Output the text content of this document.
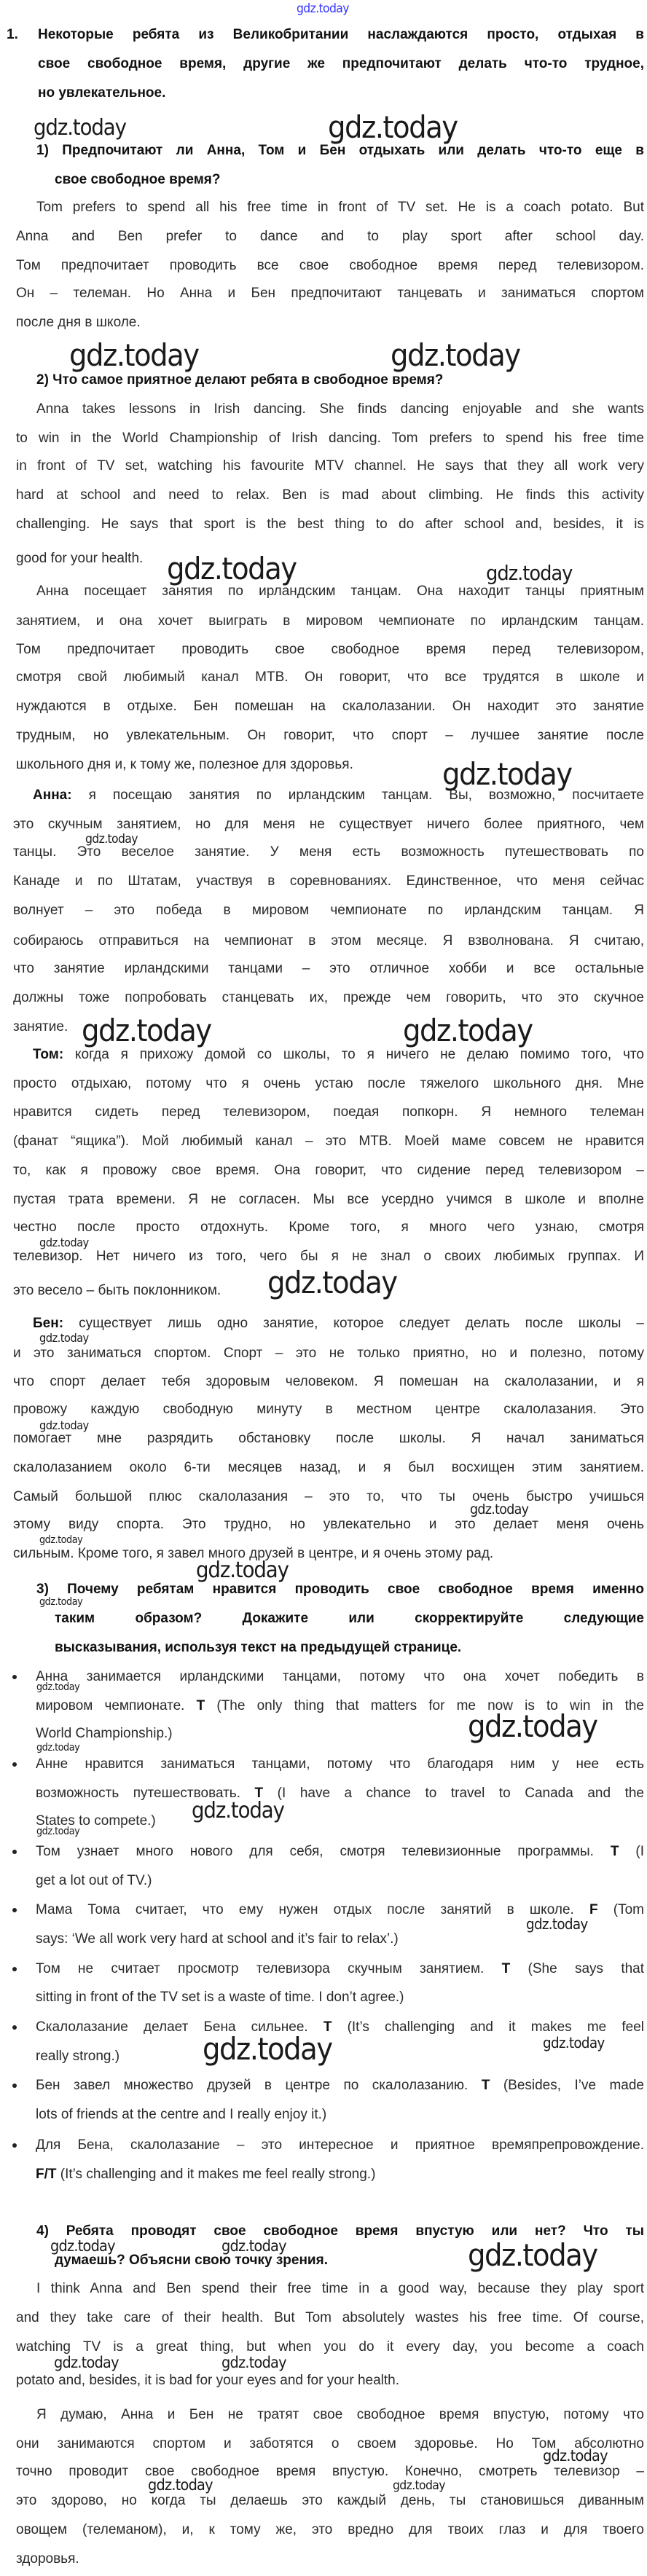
1. Некоторые ребята из Великобритании наслаждаются просто, отдыхая в
свое свободное время, другие же предпочитают делать что-то трудное,
но увлекательное.
1) Предпочитают ли Анна, Том и Бен отдыхать или делать что-то еще в
свое свободное время?
Tom prefers to spend all his free time in front of TV set. He is a coach potato. But
Anna and Ben prefer to dance and to play sport after school day.
Том предпочитает проводить все свое свободное время перед телевизором.
Он – телеман. Но Анна и Бен предпочитают танцевать и заниматься спортом
после дня в школе.
2) Что самое приятное делают ребята в свободное время?
Anna takes lessons in Irish dancing. She finds dancing enjoyable and she wants
to win in the World Championship of Irish dancing. Tom prefers to spend his free time
in front of TV set, watching his favourite MTV channel. He says that they all work very
hard at school and need to relax. Ben is mad about climbing. He finds this activity
challenging. He says that sport is the best thing to do after school and, besides, it is
good for your health.
Анна посещает занятия по ирландским танцам. Она находит танцы приятным
занятием, и она хочет выиграть в мировом чемпионате по ирландским танцам.
Том предпочитает проводить свое свободное время перед телевизором,
смотря свой любимый канал МТВ. Он говорит, что все трудятся в школе и
нуждаются в отдыхе. Бен помешан на скалолазании. Он находит это занятие
трудным, но увлекательным. Он говорит, что спорт – лучшее занятие после
школьного дня и, к тому же, полезное для здоровья.
Анна: я посещаю занятия по ирландским танцам. Вы, возможно, посчитаете
это скучным занятием, но для меня не существует ничего более приятного, чем
танцы. Это веселое занятие. У меня есть возможность путешествовать по
Канаде и по Штатам, участвуя в соревнованиях. Единственное, что меня сейчас
волнует – это победа в мировом чемпионате по ирландским танцам. Я
собираюсь отправиться на чемпионат в этом месяце. Я взволнована. Я считаю,
что занятие ирландскими танцами – это отличное хобби и все остальные
должны тоже попробовать станцевать их, прежде чем говорить, что это скучное
занятие.
Том: когда я прихожу домой со школы, то я ничего не делаю помимо того, что
просто отдыхаю, потому что я очень устаю после тяжелого школьного дня. Мне
нравится сидеть перед телевизором, поедая попкорн. Я немного телеман
(фанат “ящика”). Мой любимый канал – это МТВ. Моей маме совсем не нравится
то, как я провожу свое время. Она говорит, что сидение перед телевизором –
пустая трата времени. Я не согласен. Мы все усердно учимся в школе и вполне
честно после просто отдохнуть. Кроме того, я много чего узнаю, смотря
телевизор. Нет ничего из того, чего бы я не знал о своих любимых группах. И
это весело – быть поклонником.
Бен: существует лишь одно занятие, которое следует делать после школы –
и это заниматься спортом. Спорт – это не только приятно, но и полезно, потому
что спорт делает тебя здоровым человеком. Я помешан на скалолазании, и я
провожу каждую свободную минуту в местном центре скалолазания. Это
помогает мне разрядить обстановку после школы. Я начал заниматься
скалолазанием около 6-ти месяцев назад, и я был восхищен этим занятием.
Самый большой плюс скалолазания – это то, что ты очень быстро учишься
этому виду спорта. Это трудно, но увлекательно и это делает меня очень
сильным. Кроме того, я завел много друзей в центре, и я очень этому рад.
3) Почему ребятам нравится проводить свое свободное время именно
таким образом? Докажите или скорректируйте следующие
высказывания, используя текст на предыдущей странице.
Анна занимается ирландскими танцами, потому что она хочет победить в
мировом чемпионате. T (The only thing that matters for me now is to win in the
World Championship.)
Анне нравится заниматься танцами, потому что благодаря ним у нее есть
возможность путешествовать. T (I have a chance to travel to Canada and the
States to compete.)
Том узнает много нового для себя, смотря телевизионные программы. T (I
get a lot out of TV.)
Мама Тома считает, что ему нужен отдых после занятий в школе. F (Tom
says: ‘We all work very hard at school and it’s fair to relax’.)
Том не считает просмотр телевизора скучным занятием. T (She says that
sitting in front of the TV set is a waste of time. I don’t agree.)
Скалолазание делает Бена сильнее. T (It’s challenging and it makes me feel
really strong.)
Бен завел множество друзей в центре по скалолазанию. T (Besides, I’ve made
lots of friends at the centre and I really enjoy it.)
Для Бена, скалолазание – это интересное и приятное времяпрепровождение.
F/T (It’s challenging and it makes me feel really strong.)
4) Ребята проводят свое свободное время впустую или нет? Что ты
думаешь? Объясни свою точку зрения.
I think Anna and Ben spend their free time in a good way, because they play sport
and they take care of their health. But Tom absolutely wastes his free time. Of course,
watching TV is a great thing, but when you do it every day, you become a coach
potato and, besides, it is bad for your eyes and for your health.
Я думаю, Анна и Бен не тратят свое свободное время впустую, потому что
они занимаются спортом и заботятся о своем здоровье. Но Том абсолютно
точно проводит свое свободное время впустую. Конечно, смотреть телевизор –
это здорово, но когда ты делаешь это каждый день, ты становишься диванным
овощем (телеманом), и, к тому же, это вредно для твоих глаз и для твоего
здоровья.
gdz.today
gdz.today	gdz.today
gdz.today	gdz.today
gdz.today	gdz.today
gdz.today
gdz.today
gdz.today	gdz.today
gdz.today
gdz.today
gdz.today
gdz.today
gdz.today
gdz.today
gdz.today
gdz.today
gdz.today
gdz.today
gdz.today
gdz.today
gdz.today
gdz.today
gdz.today
gdz.today
gdz.today	gdz.today	gdz.today
gdz.today	gdz.today
gdz.today
gdz.today	gdz.today
